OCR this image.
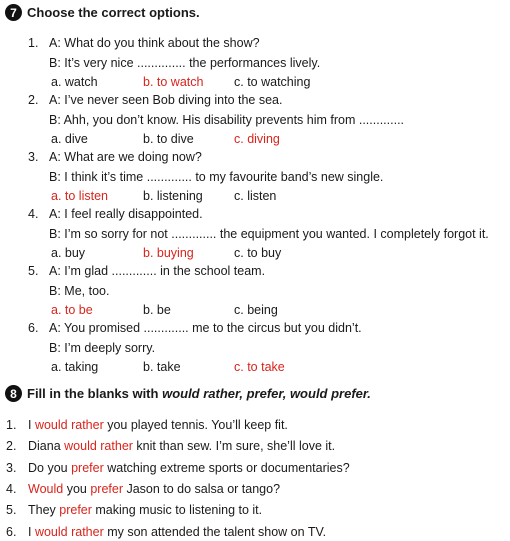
7 Choose the correct options.
1. A: What do you think about the show?
B: It’s very nice .............. the performances lively.
a. watch	b. to watch c. to watching
2. A: I’ve never seen Bob diving into the sea.
B: Ahh, you don’t know. His disability prevents him from .............
a. dive	b. to dive	c. diving
3. A: What are we doing now?
B: I think it’s time ............. to my favourite band’s new single.
a. to listen	b. listening c. listen
4. A: I feel really disappointed.
B: I’m so sorry for not ............. the equipment you wanted. I completely forgot it.
a. buy	b. buying	c. to buy
5. A: I’m glad ............. in the school team.
B: Me, too.
a. to be	b. be	c. being
6. A: You promised ............. me to the circus but you didn’t.
B: I’m deeply sorry.
a. taking	b. take	c. to take
8 Fill in the blanks with would rather, prefer, would prefer.
1. I would rather you played tennis. You’ll keep fit.
2. Diana would rather knit than sew. I’m sure, she’ll love it.
3. Do you prefer watching extreme sports or documentaries?
4. Would you prefer Jason to do salsa or tango?
5. They prefer making music to listening to it.
6. I would rather my son attended the talent show on TV.
